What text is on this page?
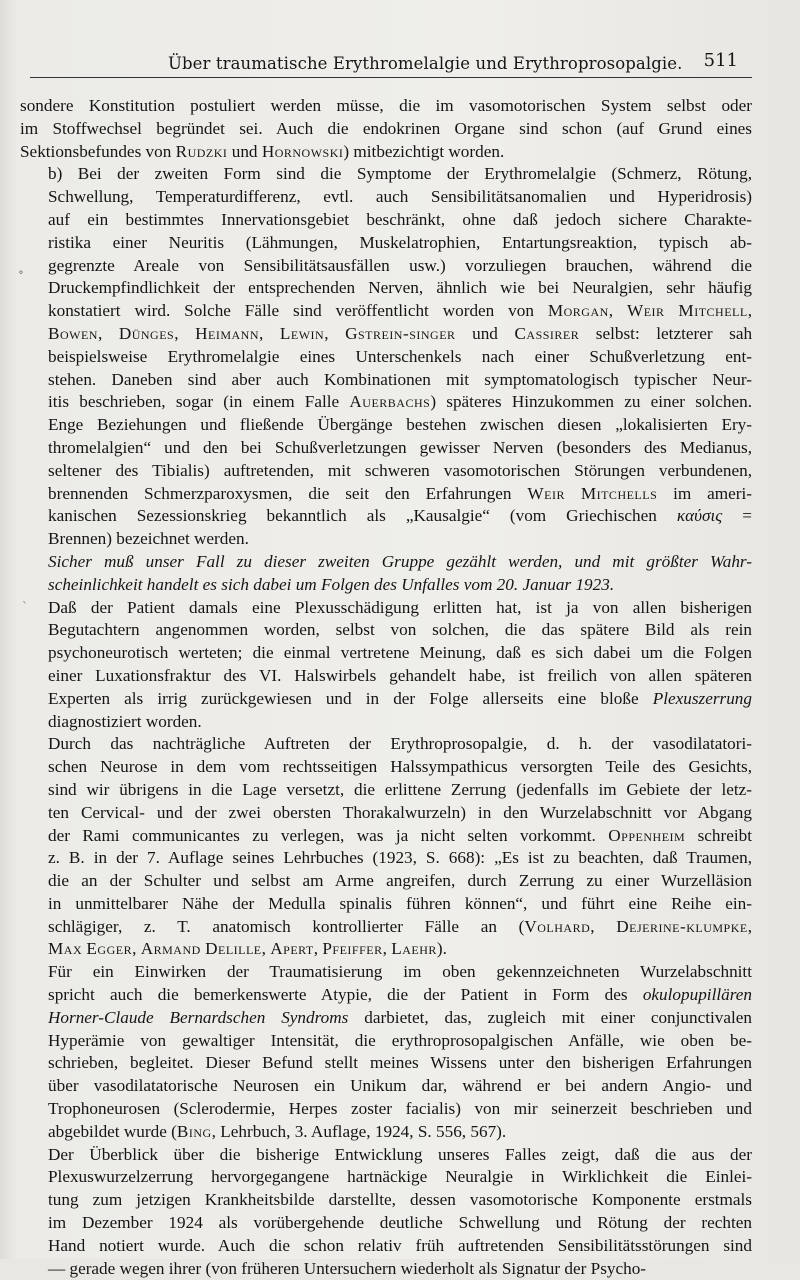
Über traumatische Erythromelalgie und Erythroprosopalgie. 511
∘
ˋ

sondere Konstitution postuliert werden müsse, die im vasomotorischen System selbst oder
im Stoffwechsel begründet sei. Auch die endokrinen Organe sind schon (auf Grund eines
Sektionsbefundes von Rudzki und Hornowski) mitbezichtigt worden.

b) Bei der zweiten Form sind die Symptome der Erythromelalgie (Schmerz, Rötung,
Schwellung, Temperaturdifferenz, evtl. auch Sensibilitätsanomalien und Hyperidrosis)
auf ein bestimmtes Innervationsgebiet beschränkt, ohne daß jedoch sichere Charakte-
ristika einer Neuritis (Lähmungen, Muskelatrophien, Entartungsreaktion, typisch ab-
gegrenzte Areale von Sensibilitätsausfällen usw.) vorzuliegen brauchen, während die
Druckempfindlichkeit der entsprechenden Nerven, ähnlich wie bei Neuralgien, sehr häufig
konstatiert wird. Solche Fälle sind veröffentlicht worden von Morgan, Weir Mitchell,
Bowen, Dünges, Heimann, Lewin, Gstrein-singer und Cassirer selbst: letzterer sah
beispielsweise Erythromelalgie eines Unterschenkels nach einer Schußverletzung ent-
stehen. Daneben sind aber auch Kombinationen mit symptomatologisch typischer Neur-
itis beschrieben, sogar (in einem Falle Auerbachs) späteres Hinzukommen zu einer solchen.
Enge Beziehungen und fließende Übergänge bestehen zwischen diesen „lokalisierten Ery-
thromelalgien“ und den bei Schußverletzungen gewisser Nerven (besonders des Medianus,
seltener des Tibialis) auftretenden, mit schweren vasomotorischen Störungen verbundenen,
brennenden Schmerzparoxysmen, die seit den Erfahrungen Weir Mitchells im ameri-
kanischen Sezessionskrieg bekanntlich als „Kausalgie“ (vom Griechischen καύσις =
Brennen) bezeichnet werden.

Sicher muß unser Fall zu dieser zweiten Gruppe gezählt werden, und mit größter Wahr-
scheinlichkeit handelt es sich dabei um Folgen des Unfalles vom 20. Januar 1923.

Daß der Patient damals eine Plexusschädigung erlitten hat, ist ja von allen bisherigen
Begutachtern angenommen worden, selbst von solchen, die das spätere Bild als rein
psychoneurotisch werteten; die einmal vertretene Meinung, daß es sich dabei um die Folgen
einer Luxationsfraktur des VI. Halswirbels gehandelt habe, ist freilich von allen späteren
Experten als irrig zurückgewiesen und in der Folge allerseits eine bloße Plexuszerrung
diagnostiziert worden.

Durch das nachträgliche Auftreten der Erythroprosopalgie, d. h. der vasodilatatori-
schen Neurose in dem vom rechtsseitigen Halssympathicus versorgten Teile des Gesichts,
sind wir übrigens in die Lage versetzt, die erlittene Zerrung (jedenfalls im Gebiete der letz-
ten Cervical- und der zwei obersten Thorakalwurzeln) in den Wurzelabschnitt vor Abgang
der Rami communicantes zu verlegen, was ja nicht selten vorkommt. Oppenheim schreibt
z. B. in der 7. Auflage seines Lehrbuches (1923, S. 668): „Es ist zu beachten, daß Traumen,
die an der Schulter und selbst am Arme angreifen, durch Zerrung zu einer Wurzelläsion
in unmittelbarer Nähe der Medulla spinalis führen können“, und führt eine Reihe ein-
schlägiger, z. T. anatomisch kontrollierter Fälle an (Volhard, Dejerine-klumpke,
Max Egger, Armand Delille, Apert, Pfeiffer, Laehr).

Für ein Einwirken der Traumatisierung im oben gekennzeichneten Wurzelabschnitt
spricht auch die bemerkenswerte Atypie, die der Patient in Form des okulopupillären
Horner-Claude Bernardschen Syndroms darbietet, das, zugleich mit einer conjunctivalen
Hyperämie von gewaltiger Intensität, die erythroprosopalgischen Anfälle, wie oben be-
schrieben, begleitet. Dieser Befund stellt meines Wissens unter den bisherigen Erfahrungen
über vasodilatatorische Neurosen ein Unikum dar, während er bei andern Angio- und
Trophoneurosen (Sclerodermie, Herpes zoster facialis) von mir seinerzeit beschrieben und
abgebildet wurde (Bing, Lehrbuch, 3. Auflage, 1924, S. 556, 567).

Der Überblick über die bisherige Entwicklung unseres Falles zeigt, daß die aus der
Plexuswurzelzerrung hervorgegangene hartnäckige Neuralgie in Wirklichkeit die Einlei-
tung zum jetzigen Krankheitsbilde darstellte, dessen vasomotorische Komponente erstmals
im Dezember 1924 als vorübergehende deutliche Schwellung und Rötung der rechten
Hand notiert wurde. Auch die schon relativ früh auftretenden Sensibilitätsstörungen sind
— gerade wegen ihrer (von früheren Untersuchern wiederholt als Signatur der Psycho-
